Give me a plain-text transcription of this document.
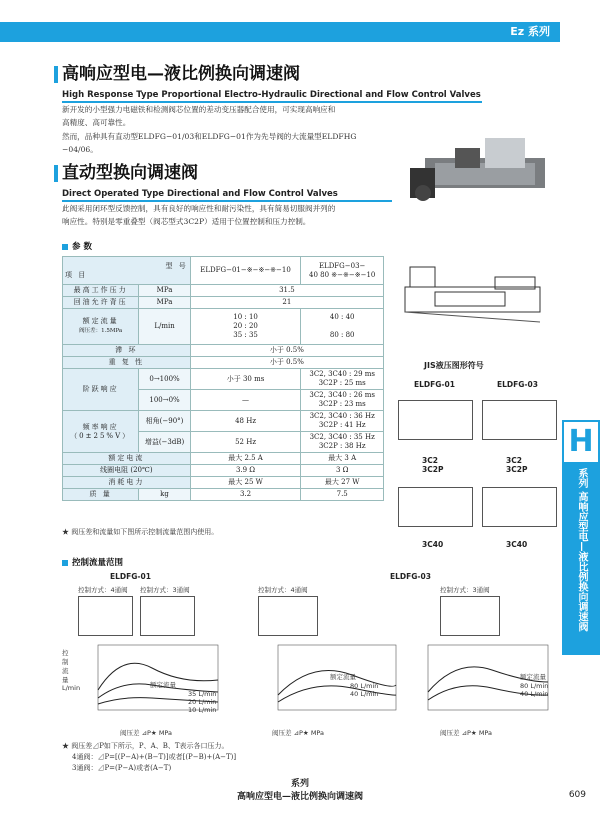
Ez 系列
高响应型电—液比例换向调速阀
High Response Type Proportional Electro-Hydraulic Directional and Flow Control Valves
新开发的小型强力电磁铁和检测阀芯位置的差动变压器配合使用，可实现高响应和
高精度、高可靠性。
然而，品种具有直动型ELDFG−01/03和ELDFG−01作为先导阀的大流量型ELDFHG
−04/06。
直动型换向调速阀
Direct Operated Type Directional and Flow Control Valves
此阀采用闭环型反馈控制，具有良好的响应性和耐污染性，具有简易切服阀并列的
响应性。特别是零重叠型（阀芯型式3C2P）适用于位置控制和压力控制。
参 数
型 号

项 目		ELDFG−01−※−※−※−10	ELDFG−03−
40 80 ※−※−※−10
最高工作压力	MPa	31.5	
回油允许背压	MPa	21	
额定流量
阀压差：1.5MPa	L/min	10 : 10
20 : 20
35 : 35	40 : 40

80 : 80
滞 环		小于 0.5%	
重 复 性		小于 0.5%	
阶跃响应	0→100%	小于 30 ms	3C2, 3C40 : 29 ms
3C2P : 25 ms
	100→0%	—	3C2, 3C40 : 26 ms
3C2P : 23 ms
频率响应
（0±25%V）	相角(−90°)	48 Hz	3C2, 3C40 : 36 Hz
3C2P : 41 Hz
	增益(−3dB)	52 Hz	3C2, 3C40 : 35 Hz
3C2P : 38 Hz
额定电流		最大 2.5 A	最大 3 A
线圈电阻 (20℃)		3.9 Ω	3 Ω
消耗电力		最大 25 W	最大 27 W
质 量	kg	3.2	7.5
★ 阀压差和流量如下图所示控制流量范围内使用。
JIS液压图形符号
ELDFG-01	ELDFG-03
3C2
3C2P
3C2
3C2P
3C40	3C40
H
系列 高响应型电—液比例换向调速阀
控制流量范围
ELDFG-01	ELDFG-03
控制方式：4通阀 控制方式：3通阀	控制方式：4通阀	控制方式：3通阀
控制流量 L/min	额定流量
35 L/min
20 L/min
10 L/min
额定流量
80 L/min
40 L/min
额定流量
80 L/min
40 L/min
阀压差 ⊿P★ MPa	阀压差 ⊿P★ MPa	阀压差 ⊿P★ MPa
★ 阀压差⊿P如下所示，P、A、B、T表示各口压力。
4通阀：⊿P=[(P−A)+(B−T)]或者[(P−B)+(A−T)]
3通阀：⊿P=(P−A)或者(A−T)
系列
高响应型电—液比例换向调速阀	609
